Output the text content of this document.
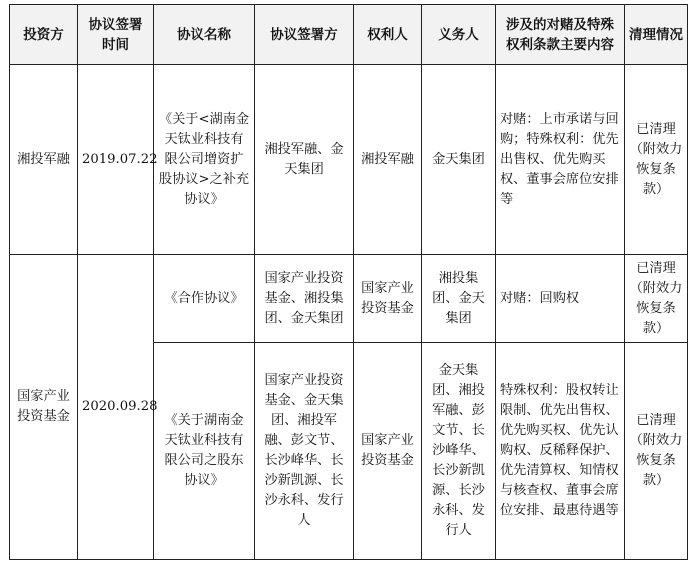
投资方	协议签署时间	协议名称	协议签署方	权利人	义务人	涉及的对赌及特殊权利条款主要内容	清理情况
湘投军融	2019.07.22	《关于<湖南金天钛业科技有限公司增资扩股协议>之补充协议》	湘投军融、金天集团	湘投军融	金天集团	对赌：上市承诺与回购；特殊权利：优先出售权、优先购买权、董事会席位安排等	已清理（附效力恢复条款）
国家产业投资基金	2020.09.28	《合作协议》	国家产业投资基金、湘投集团、金天集团	国家产业投资基金	湘投集团、金天集团	对赌：回购权	已清理（附效力恢复条款）
		《关于湖南金天钛业科技有限公司之股东协议》	国家产业投资基金、金天集团、湘投军融、彭文节、长沙峰华、长沙新凯源、长沙永科、发行人	国家产业投资基金	金天集团、湘投军融、彭文节、长沙峰华、长沙新凯源、长沙永科、发行人	特殊权利：股权转让限制、优先出售权、优先购买权、优先认购权、反稀释保护、优先清算权、知情权与核查权、董事会席位安排、最惠待遇等	已清理（附效力恢复条款）
